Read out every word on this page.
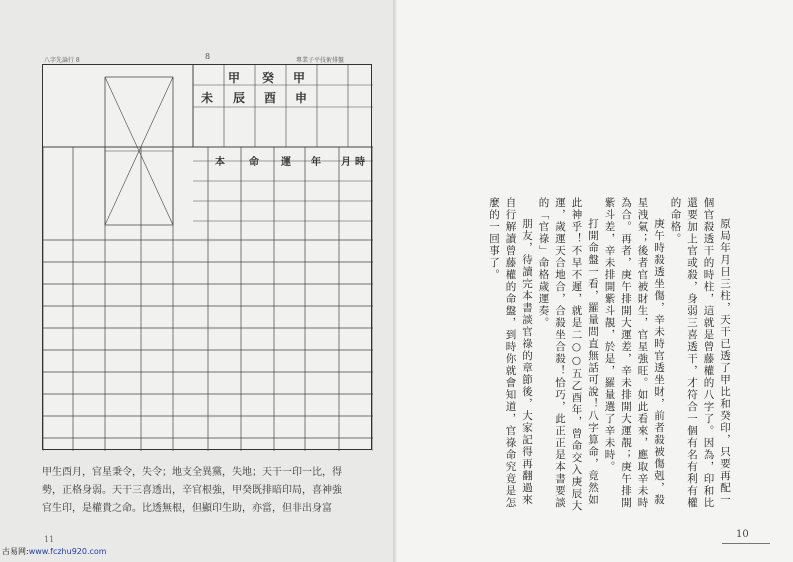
八字先論行 8	8	專業子平技術排盤
甲 癸 甲
未 辰 酉 申
本 命 運 年 月 時
甲生酉月，官星秉令，失令；地支全異黨，失地；天干一印一比，得
勢，正格身弱。天干三喜透出，辛官根強，甲癸既排暗印局，喜神強
官生印，是權貴之命。比透無根，但顯印生助，亦當，但非出身富
11

原局年月日三柱，天干已透了甲比和癸印，只要再配一個官殺透干的時柱，這就是曾藤權的八字了。因為，印和比還要加上官或殺，身弱三喜透干，才符合一個有名有利有權的命格。

庚午時殺透坐傷，辛未時官透坐財，前者殺被傷剋，殺星洩氣；後者官被財生，官星強旺。如此看來，應取辛未時為合。再者，庚午排開大運差，辛未排開大運靚；庚午排開紫斗差，辛未排開紫斗靚，於是，羅量選了辛未時。

打開命盤一看，羅量問直無話可說！八字算命，竟然如此神乎！不早不遲，就是二○○五乙酉年，曾命交入庚辰大運，歲運天合地合，合殺坐合殺！恰巧，此正正是本書要談的「官祿」命格歲運奏。

朋友，待讀完本書談官祿的章節後，大家記得再翻過來自行解讀曾藤權的命盤，到時你就會知道，官祿命究竟是怎麼的一回事了。

10
古易网:www.fczhu920.com
